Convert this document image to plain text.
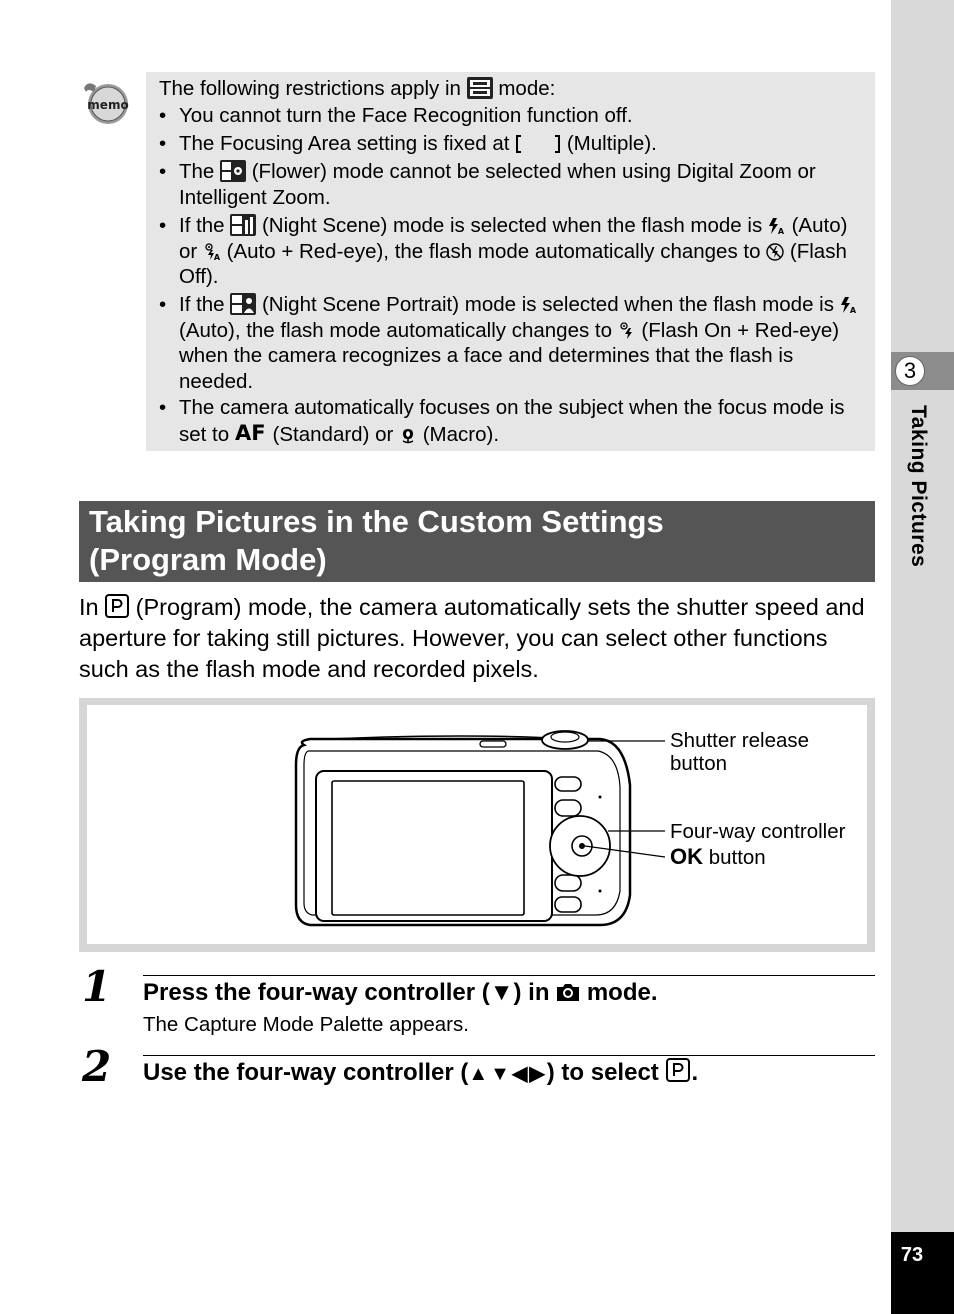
3
Taking Pictures
73
memo
The following restrictions apply in  mode:
• You cannot turn the Face Recognition function off.
• The Focusing Area setting is fixed at  (Multiple).
• The  (Flower) mode cannot be selected when using Digital Zoom or Intelligent Zoom.
• If the  (Night Scene) mode is selected when the flash mode is A (Auto) or A (Auto + Red-eye), the flash mode automatically changes to  (Flash Off).
• If the  (Night Scene Portrait) mode is selected when the flash mode is A
(Auto), the flash mode automatically changes to  (Flash On + Red-eye) when the camera recognizes a face and determines that the flash is needed.
• The camera automatically focuses on the subject when the focus mode is set to AF (Standard) or  (Macro).
Taking Pictures in the Custom Settings
(Program Mode)
In  (Program) mode, the camera automatically sets the shutter speed and aperture for taking still pictures. However, you can select other functions such as the flash mode and recorded pixels.
Shutter release
button
Four-way controller
OK button
1 Press the four-way controller (▼) in  mode.
The Capture Mode Palette appears.
2 Use the four-way controller (▲▼◀▶) to select .
